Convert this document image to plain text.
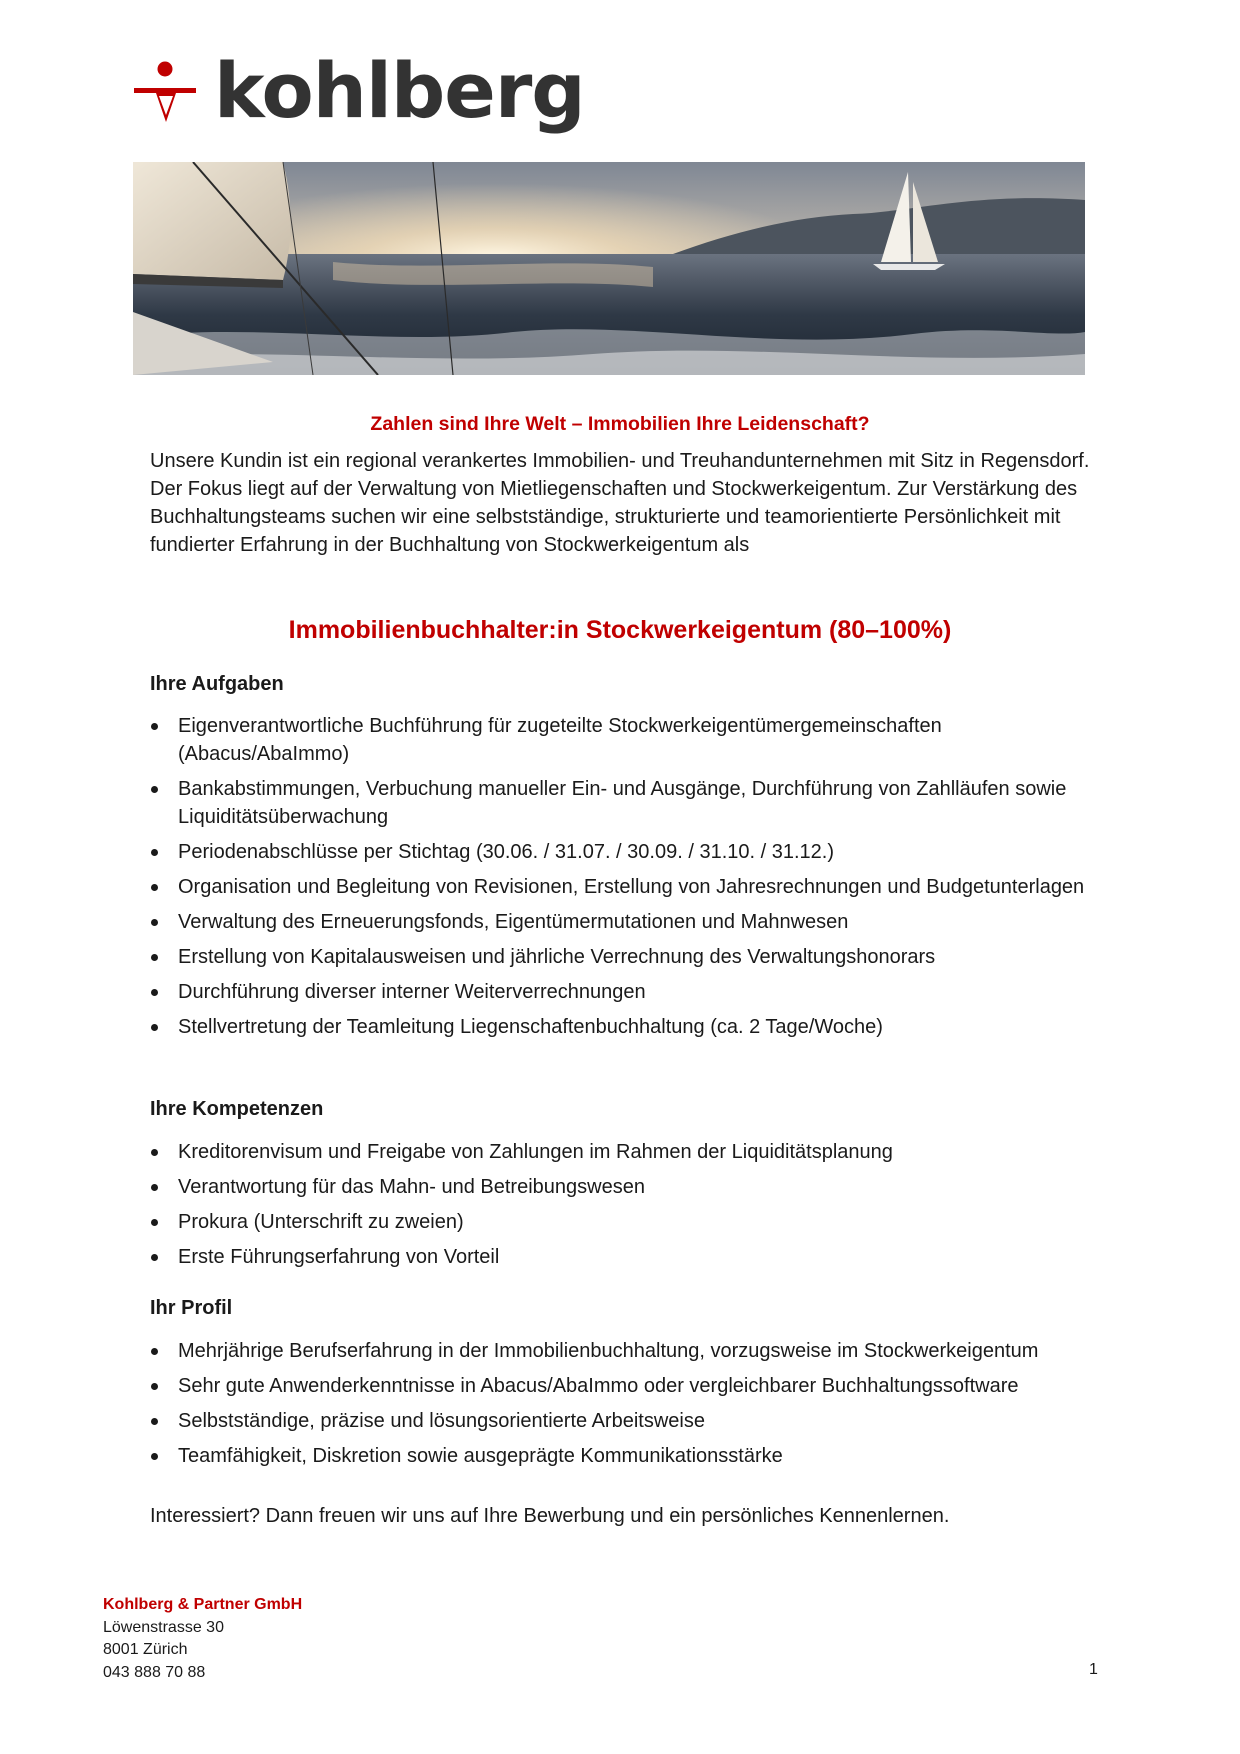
kohlberg
Zahlen sind Ihre Welt – Immobilien Ihre Leidenschaft?

Unsere Kundin ist ein regional verankertes Immobilien- und Treuhandunternehmen mit Sitz in Regensdorf. Der Fokus liegt auf der Verwaltung von Mietliegenschaften und Stockwerkeigentum. Zur Verstärkung des Buchhaltungsteams suchen wir eine selbstständige, strukturierte und teamorientierte Persönlichkeit mit fundierter Erfahrung in der Buchhaltung von Stockwerkeigentum als

Immobilienbuchhalter:in Stockwerkeigentum (80–100%)
Ihre Aufgaben
Eigenverantwortliche Buchführung für zugeteilte Stockwerkeigentümergemeinschaften (Abacus/AbaImmo)
Bankabstimmungen, Verbuchung manueller Ein- und Ausgänge, Durchführung von Zahlläufen sowie Liquiditätsüberwachung
Periodenabschlüsse per Stichtag (30.06. / 31.07. / 30.09. / 31.10. / 31.12.)
Organisation und Begleitung von Revisionen, Erstellung von Jahresrechnungen und Budgetunterlagen
Verwaltung des Erneuerungsfonds, Eigentümermutationen und Mahnwesen
Erstellung von Kapitalausweisen und jährliche Verrechnung des Verwaltungshonorars
Durchführung diverser interner Weiterverrechnungen
Stellvertretung der Teamleitung Liegenschaftenbuchhaltung (ca. 2 Tage/Woche)
Ihre Kompetenzen
Kreditorenvisum und Freigabe von Zahlungen im Rahmen der Liquiditätsplanung
Verantwortung für das Mahn- und Betreibungswesen
Prokura (Unterschrift zu zweien)
Erste Führungserfahrung von Vorteil
Ihr Profil
Mehrjährige Berufserfahrung in der Immobilienbuchhaltung, vorzugsweise im Stockwerkeigentum
Sehr gute Anwenderkenntnisse in Abacus/AbaImmo oder vergleichbarer Buchhaltungssoftware
Selbstständige, präzise und lösungsorientierte Arbeitsweise
Teamfähigkeit, Diskretion sowie ausgeprägte Kommunikationsstärke
Interessiert? Dann freuen wir uns auf Ihre Bewerbung und ein persönliches Kennenlernen.
Kohlberg & Partner GmbH
Löwenstrasse 30
8001 Zürich
043 888 70 88	1
